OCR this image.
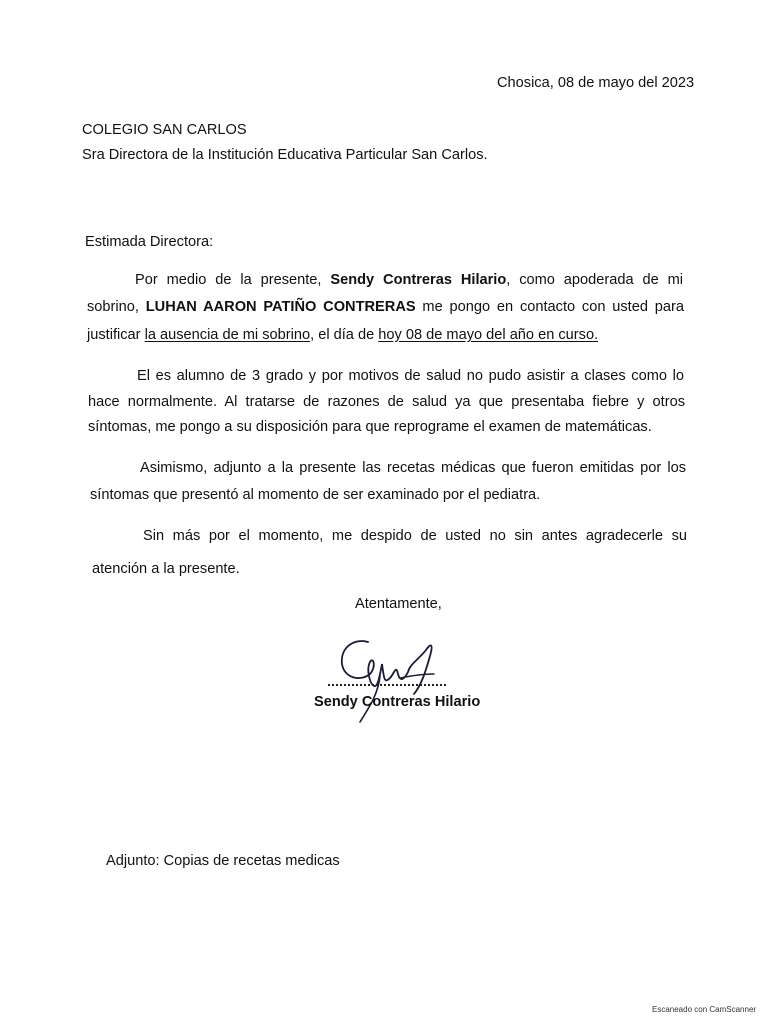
Chosica, 08 de mayo del 2023
COLEGIO SAN CARLOS
Sra Directora de la Institución Educativa Particular San Carlos.
Estimada Directora:
Por medio de la presente, Sendy Contreras Hilario, como apoderada de mi
sobrino, LUHAN AARON PATIÑO CONTRERAS me pongo en contacto con usted para
justificar la ausencia de mi sobrino, el día de hoy 08 de mayo del año en curso.
El es alumno de 3 grado y por motivos de salud no pudo asistir a clases como lo
hace normalmente. Al tratarse de razones de salud ya que presentaba fiebre y otros
síntomas, me pongo a su disposición para que reprograme el examen de matemáticas.
Asimismo, adjunto a la presente las recetas médicas que fueron emitidas por los
síntomas que presentó al momento de ser examinado por el pediatra.
Sin más por el momento, me despido de usted no sin antes agradecerle su
atención a la presente.
Atentamente,
Sendy Contreras Hilario
Adjunto: Copias de recetas medicas
Escaneado con CamScanner
